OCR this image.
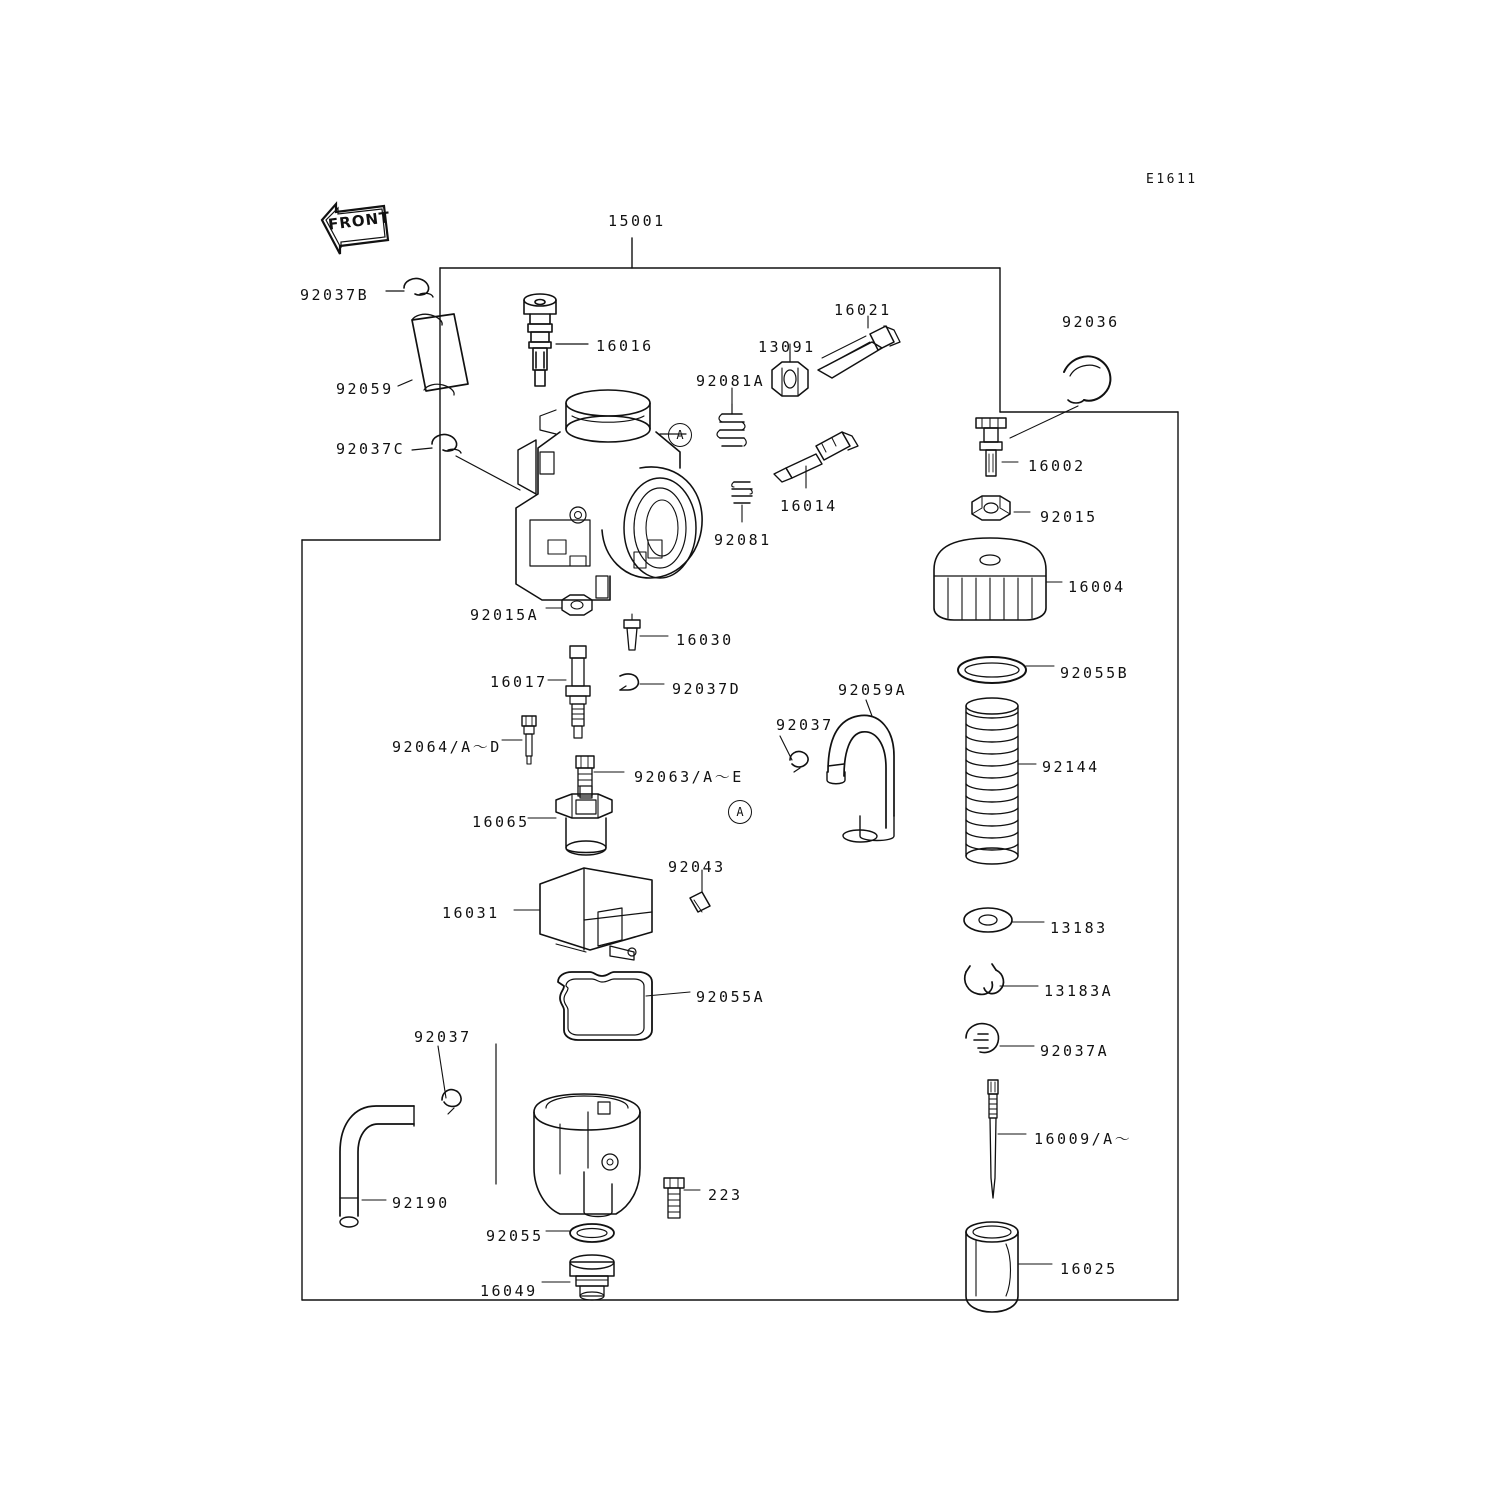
E1611
FRONT
A
A
15001
92037B
92059
92037C
16016
92081A
13091
16021
16014
92081
92036
16002
92015
16004
92055B
92144
13183
13183A
92037A
16009/A〜
16025
92015A
16030
16017	92037D
92064/A〜D
92063/A〜E
92037
92059A
16065
92043
16031
92055A
92037
92190	223
92055
16049
